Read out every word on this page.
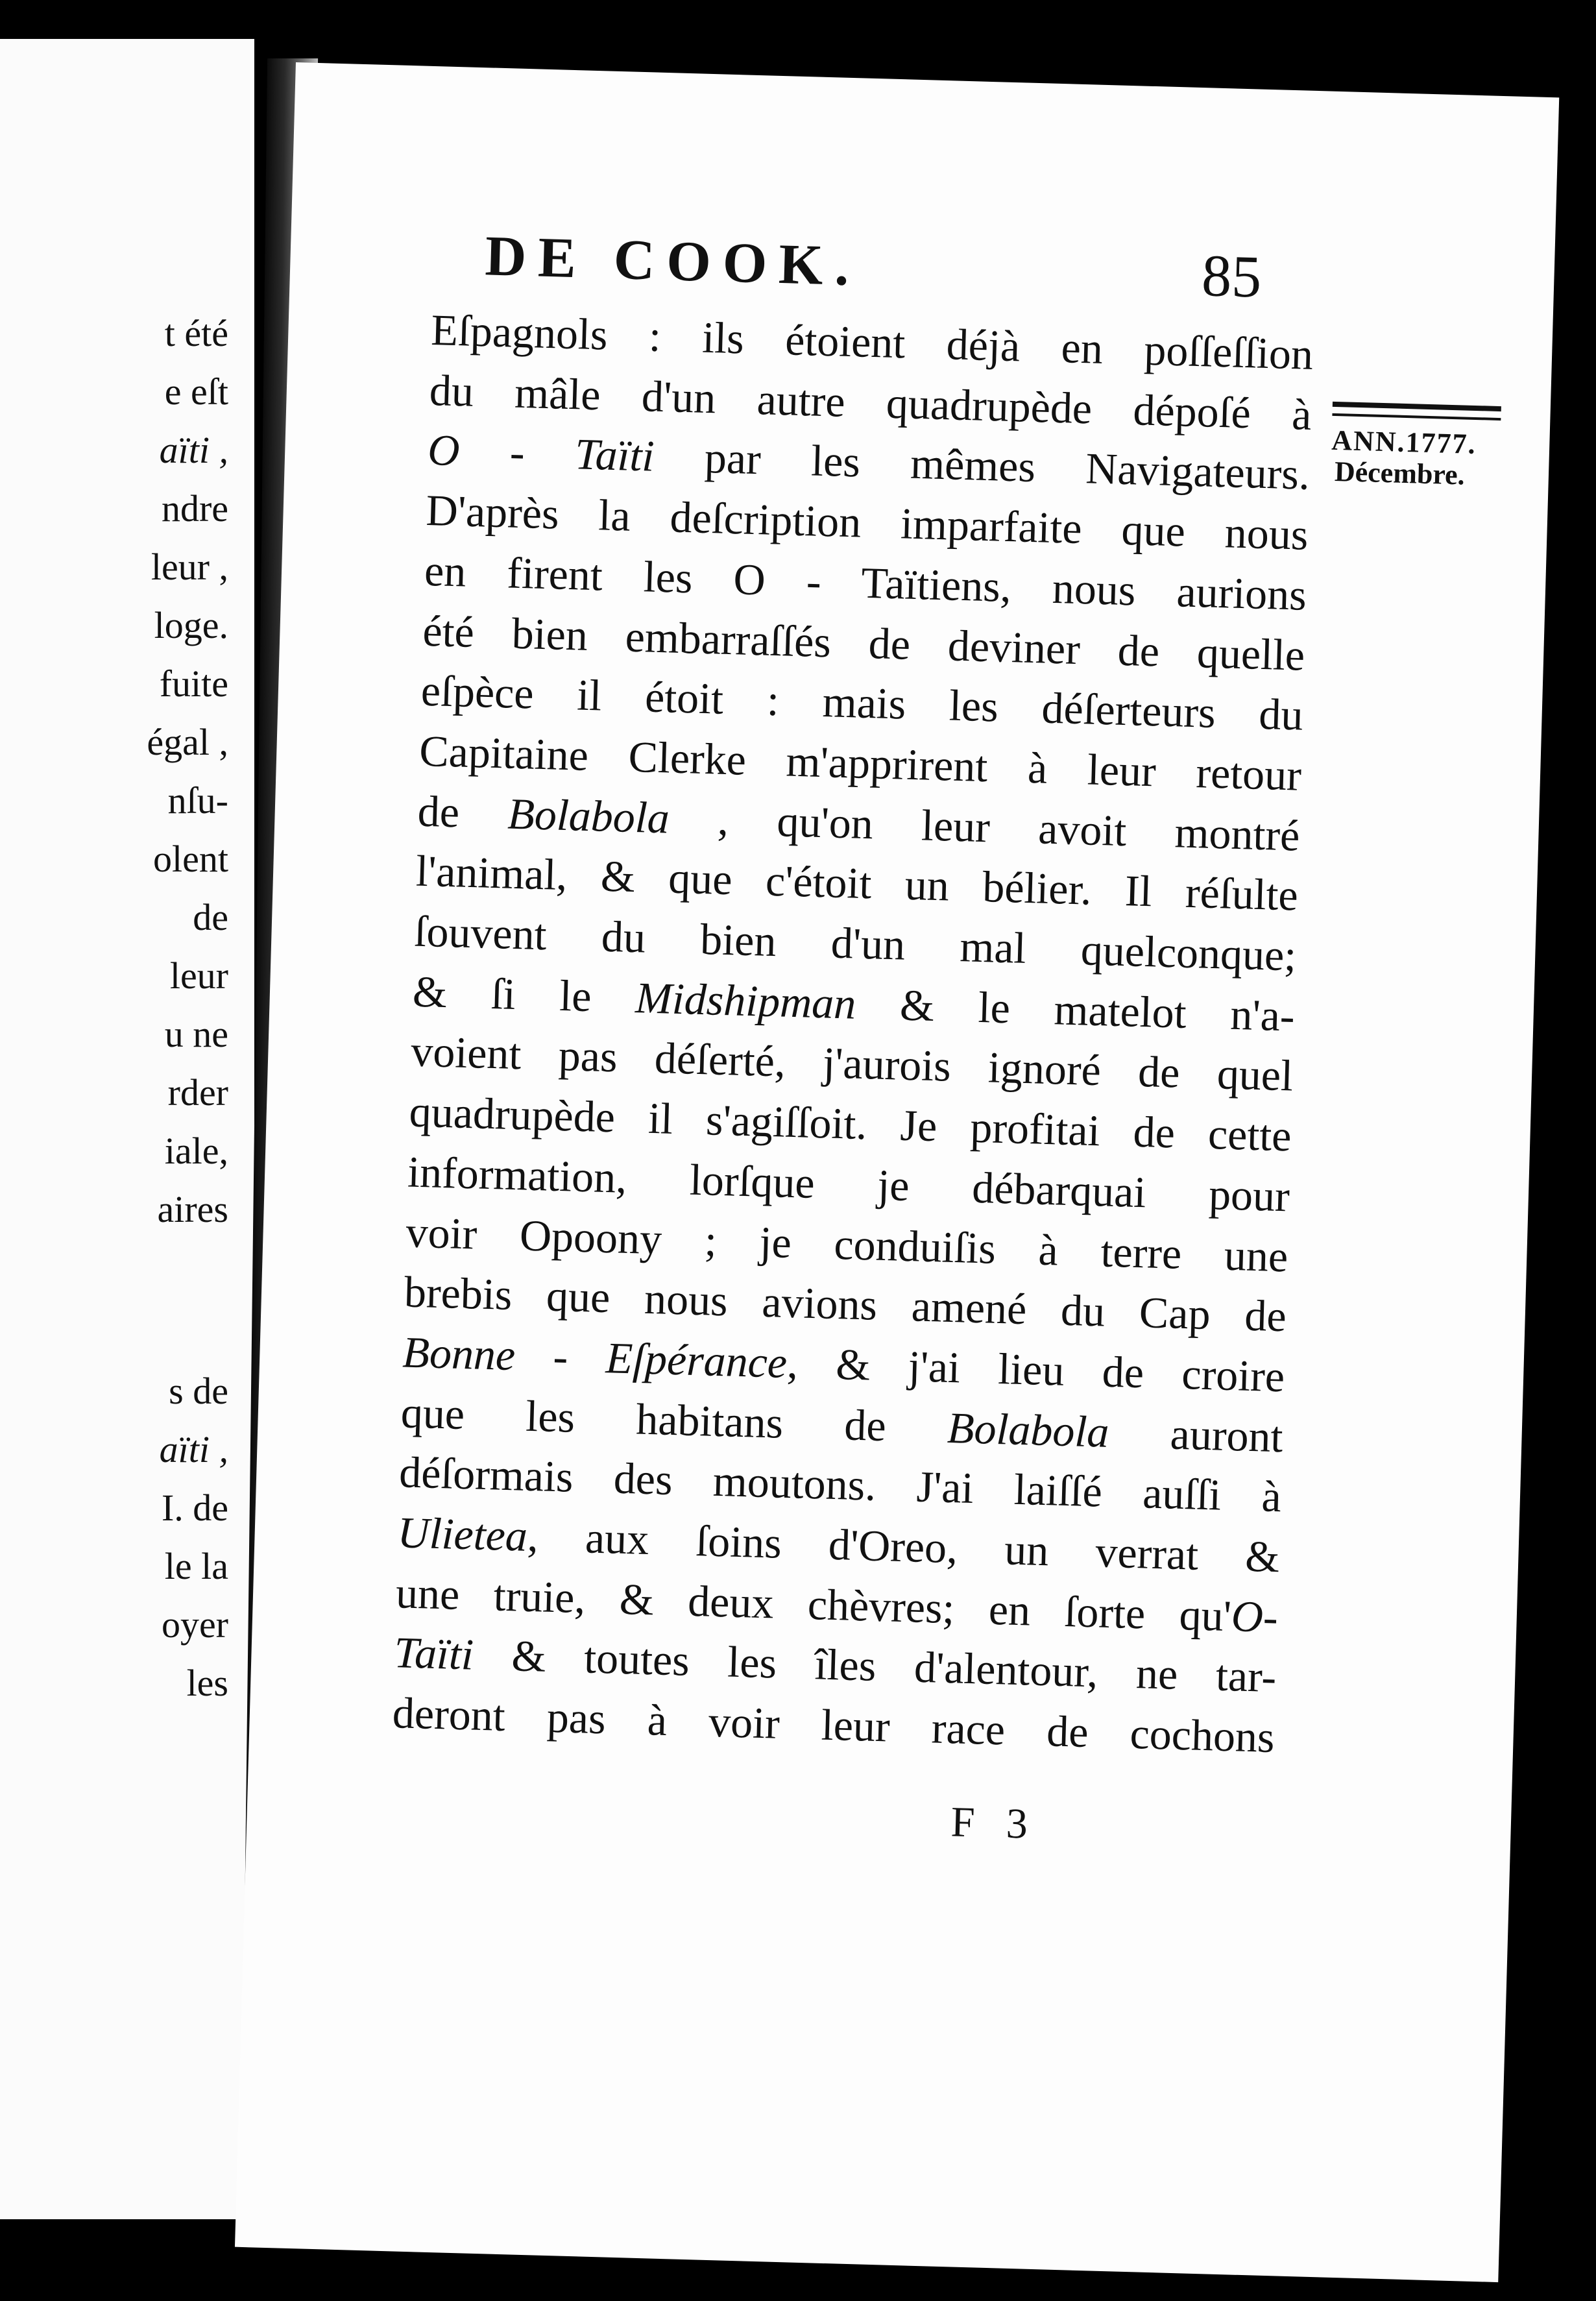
t été
e eſt
aïti ,
ndre
leur ,
loge.
fuite
égal ,
nſu-
olent
de
leur
u ne
rder
iale,
aires
s de
aïti ,
I. de
le la
oyer
les
DE COOK.	85
ANN.1777.
Décembre.
Eſpagnols : ils étoient déjà en poſſeſſion
du mâle d'un autre quadrupède dépoſé à
O - Taïti par les mêmes Navigateurs.
D'après la deſcription imparfaite que nous
en firent les O - Taïtiens, nous aurions
été bien embarraſſés de deviner de quelle
eſpèce il étoit : mais les déſerteurs du
Capitaine Clerke m'apprirent à leur retour
de Bolabola , qu'on leur avoit montré
l'animal, & que c'étoit un bélier. Il réſulte
ſouvent du bien d'un mal quelconque;
& ſi le Midshipman & le matelot n'a-
voient pas déſerté, j'aurois ignoré de quel
quadrupède il s'agiſſoit. Je profitai de cette
information, lorſque je débarquai pour
voir Opoony ; je conduiſis à terre une
brebis que nous avions amené du Cap de
Bonne - Eſpérance, & j'ai lieu de croire
que les habitans de Bolabola auront
déſormais des moutons. J'ai laiſſé auſſi à
Ulietea, aux ſoins d'Oreo, un verrat &
une truie, & deux chèvres; en ſorte qu'O-
Taïti & toutes les îles d'alentour, ne tar-
deront pas à voir leur race de cochons
F 3
